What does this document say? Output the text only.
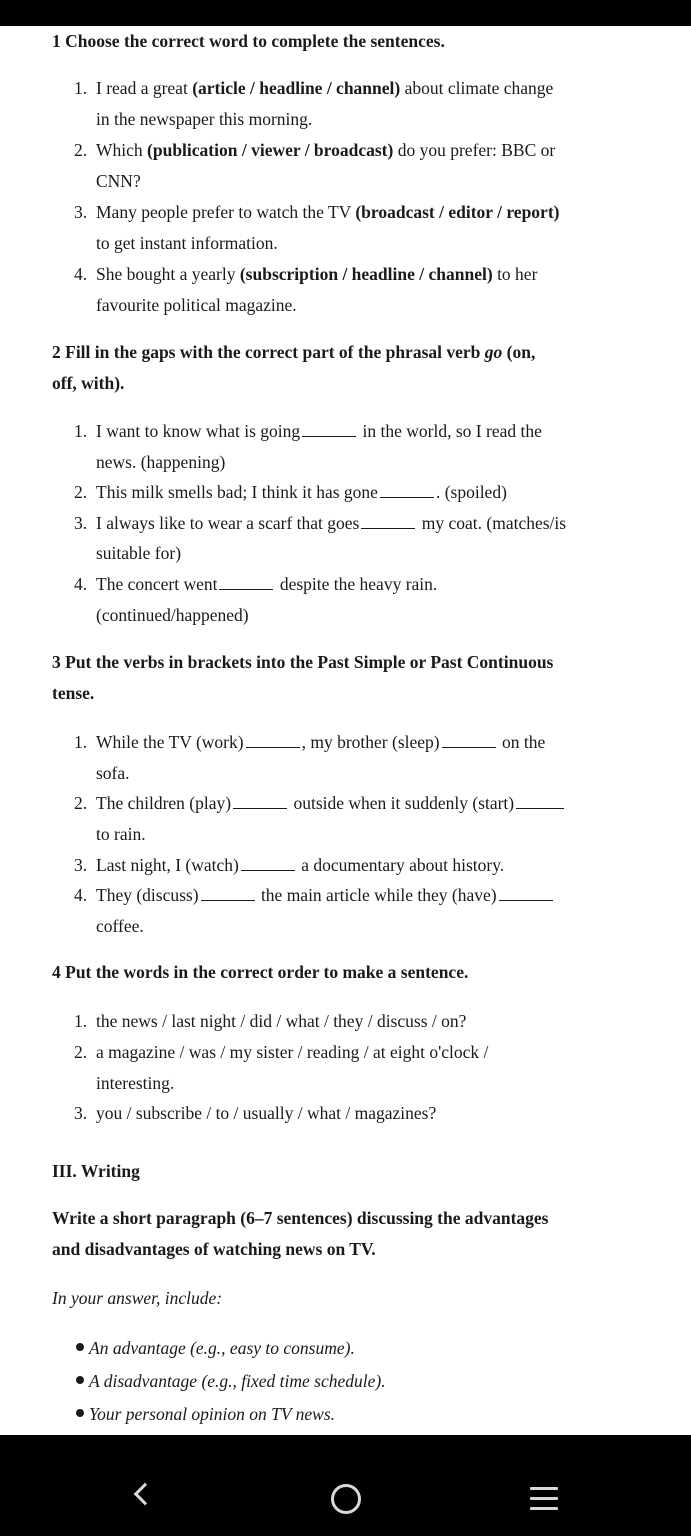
1 Choose the correct word to complete the sentences.
1. I read a great (article / headline / channel) about climate change
in the newspaper this morning.
2. Which (publication / viewer / broadcast) do you prefer: BBC or
CNN?
3. Many people prefer to watch the TV (broadcast / editor / report)
to get instant information.
4. She bought a yearly (subscription / headline / channel) to her
favourite political magazine.
2 Fill in the gaps with the correct part of the phrasal verb go (on,
off, with).
1. I want to know what is going	in the world, so I read the
news. (happening)
2. This milk smells bad; I think it has gone	. (spoiled)
3. I always like to wear a scarf that goes	my coat. (matches/is
suitable for)
4. The concert went	despite the heavy rain.
(continued/happened)
3 Put the verbs in brackets into the Past Simple or Past Continuous
tense.
1. While the TV (work)	, my brother (sleep)	on the
sofa.
2. The children (play)	outside when it suddenly (start)
to rain.
3. Last night, I (watch)	a documentary about history.
4. They (discuss)	the main article while they (have)
coffee.
4 Put the words in the correct order to make a sentence.
1. the news / last night / did / what / they / discuss / on?
2. a magazine / was / my sister / reading / at eight o'clock /
interesting.
3. you / subscribe / to / usually / what / magazines?
III. Writing
Write a short paragraph (6–7 sentences) discussing the advantages
and disadvantages of watching news on TV.
In your answer, include:
An advantage (e.g., easy to consume).
A disadvantage (e.g., fixed time schedule).
Your personal opinion on TV news.
